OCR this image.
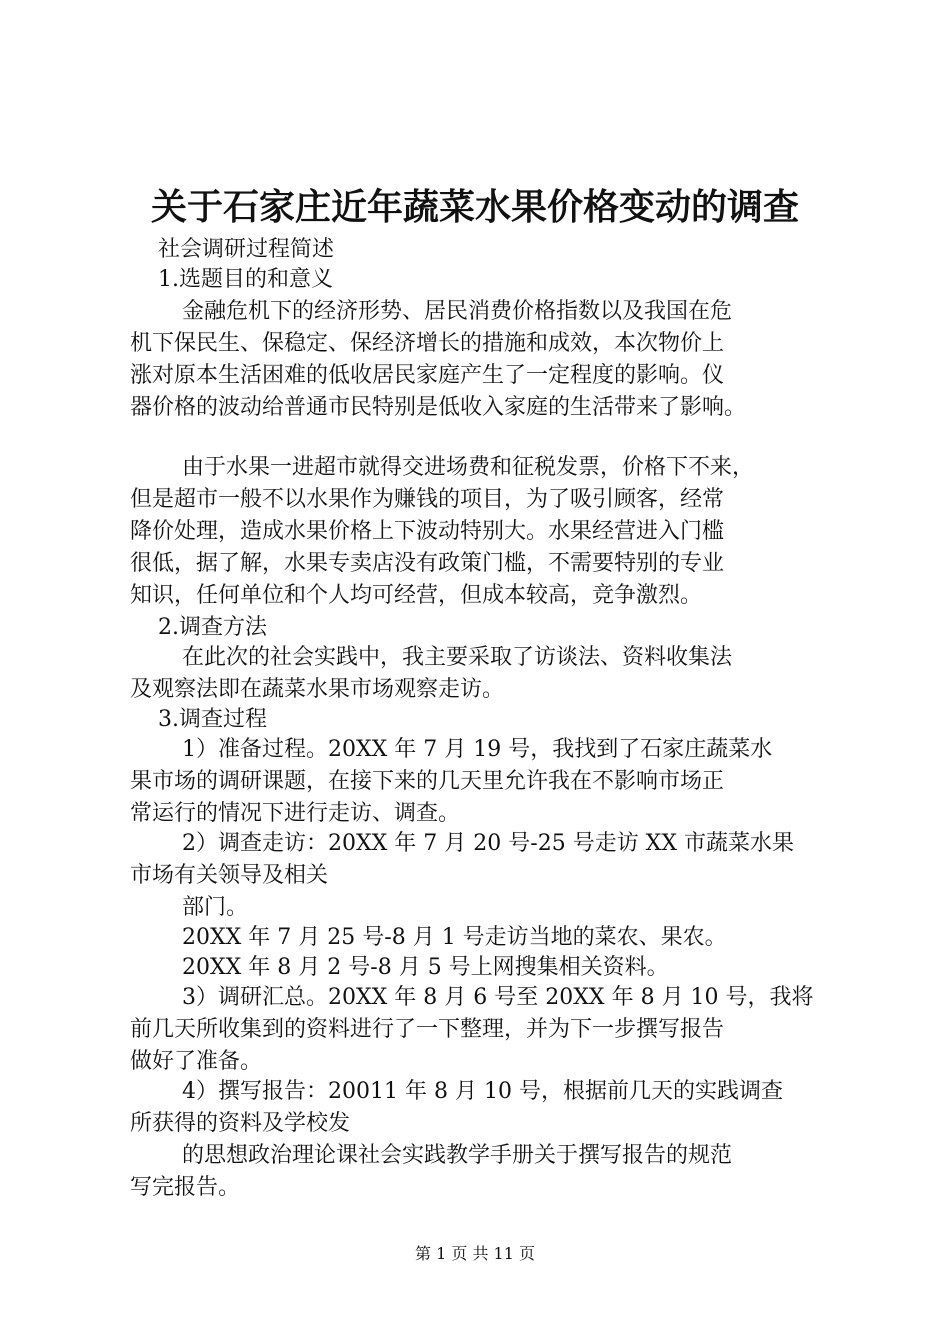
关于石家庄近年蔬菜水果价格变动的调查
社会调研过程简述
1.选题目的和意义
金融危机下的经济形势、居民消费价格指数以及我国在危
机下保民生、保稳定、保经济增长的措施和成效，本次物价上
涨对原本生活困难的低收居民家庭产生了一定程度的影响。仪
器价格的波动给普通市民特别是低收入家庭的生活带来了影响。
由于水果一进超市就得交进场费和征税发票，价格下不来，
但是超市一般不以水果作为赚钱的项目，为了吸引顾客，经常
降价处理，造成水果价格上下波动特别大。水果经营进入门槛
很低，据了解，水果专卖店没有政策门槛，不需要特别的专业
知识，任何单位和个人均可经营，但成本较高，竞争激烈。
2.调查方法
在此次的社会实践中，我主要采取了访谈法、资料收集法
及观察法即在蔬菜水果市场观察走访。
3.调查过程
1）准备过程。20XX 年 7 月 19 号，我找到了石家庄蔬菜水
果市场的调研课题，在接下来的几天里允许我在不影响市场正
常运行的情况下进行走访、调查。
2）调查走访：20XX 年 7 月 20 号-25 号走访 XX 市蔬菜水果
市场有关领导及相关
部门。
20XX 年 7 月 25 号-8 月 1 号走访当地的菜农、果农。
20XX 年 8 月 2 号-8 月 5 号上网搜集相关资料。
3）调研汇总。20XX 年 8 月 6 号至 20XX 年 8 月 10 号，我将
前几天所收集到的资料进行了一下整理，并为下一步撰写报告
做好了准备。
4）撰写报告：20011 年 8 月 10 号，根据前几天的实践调查
所获得的资料及学校发
的思想政治理论课社会实践教学手册关于撰写报告的规范
写完报告。
第 1 页 共 11 页
